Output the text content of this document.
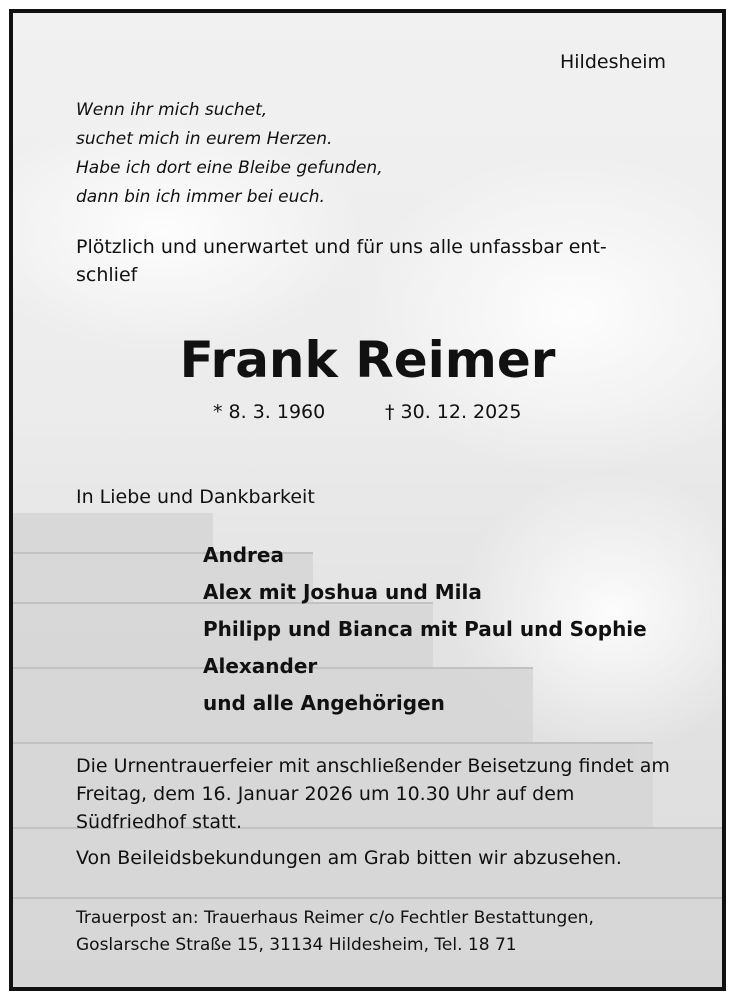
Hildesheim
Wenn ihr mich suchet,
suchet mich in eurem Herzen.
Habe ich dort eine Bleibe gefunden,
dann bin ich immer bei euch.
Plötzlich und unerwartet und für uns alle unfassbar ent-schlief
Frank Reimer
* 8. 3. 1960	† 30. 12. 2025
In Liebe und Dankbarkeit
Andrea
Alex mit Joshua und Mila
Philipp und Bianca mit Paul und Sophie
Alexander
und alle Angehörigen
Die Urnentrauerfeier mit anschließender Beisetzung findet am Freitag, dem 16. Januar 2026 um 10.30 Uhr auf dem Südfriedhof statt.
Von Beileidsbekundungen am Grab bitten wir abzusehen.
Trauerpost an: Trauerhaus Reimer c/o Fechtler Bestattungen,
Goslarsche Straße 15, 31134 Hildesheim, Tel. 18 71
